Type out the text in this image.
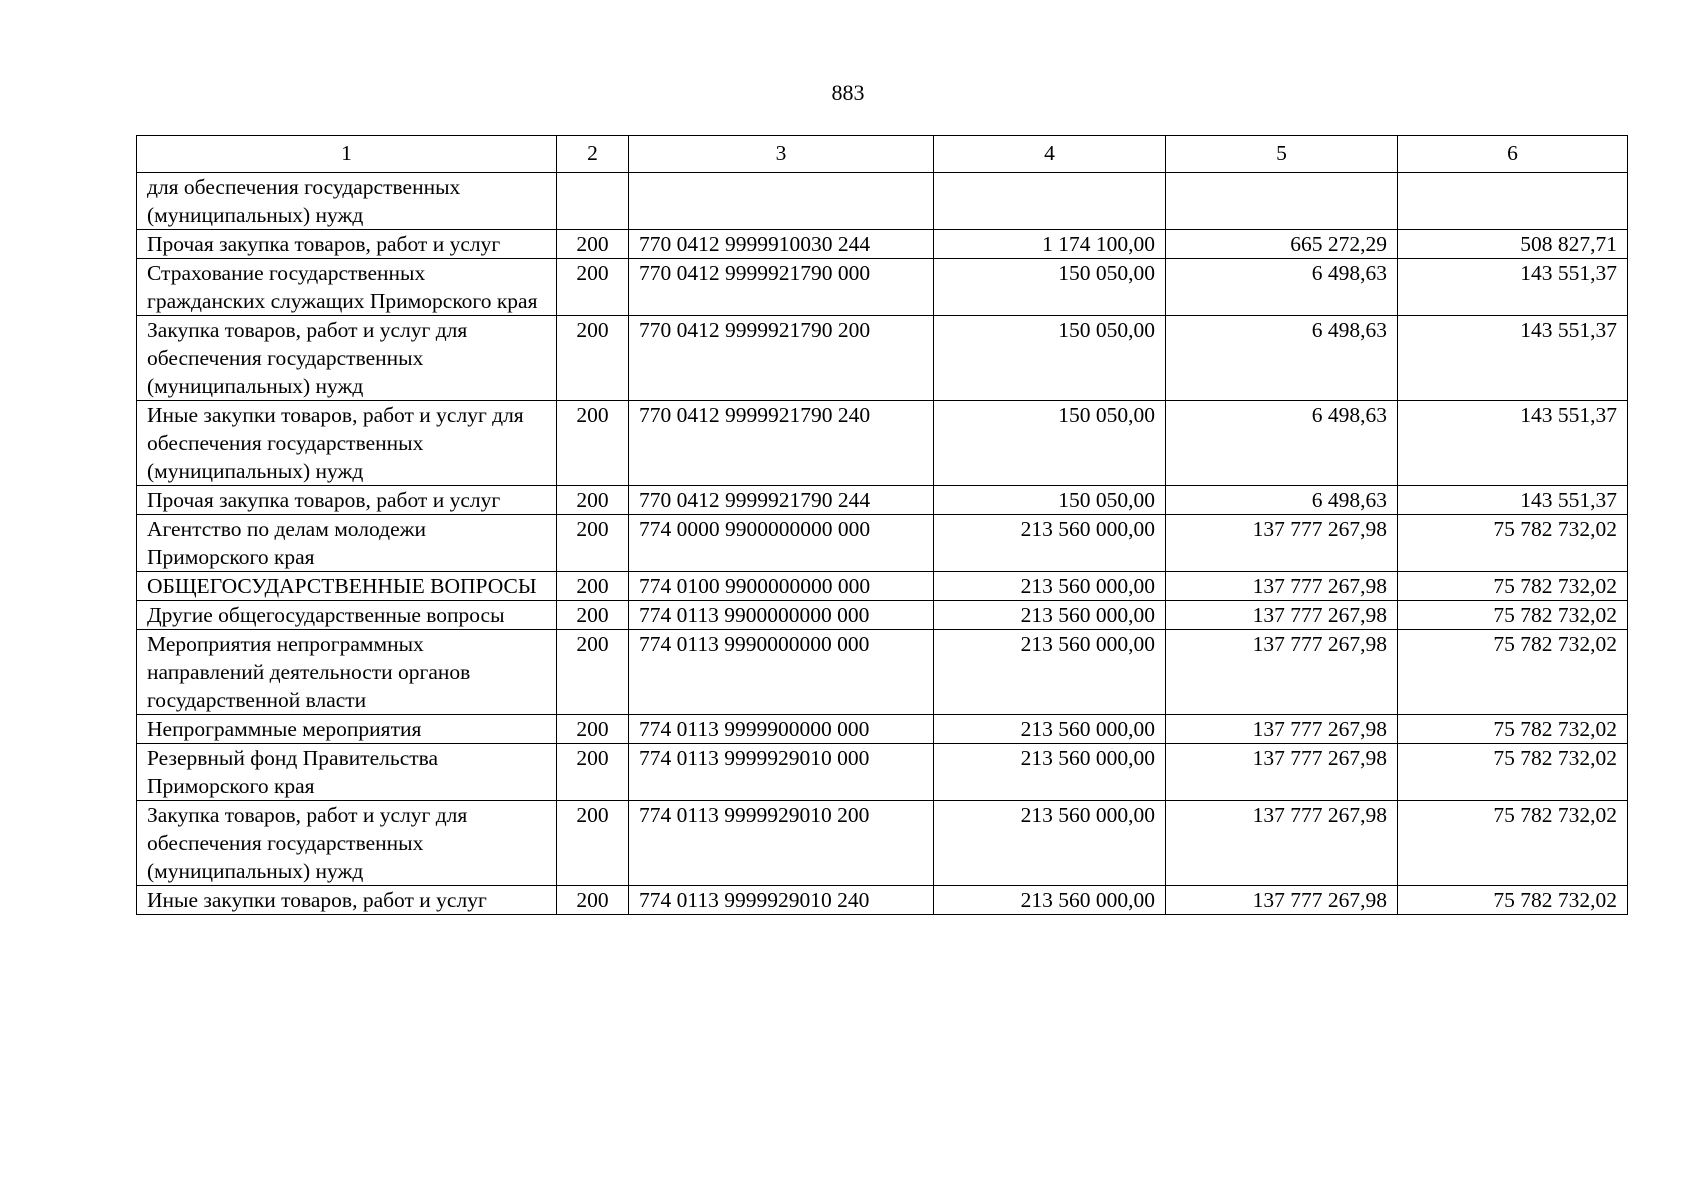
883
1	2	3	4	5	6
для обеспечения государственных (муниципальных) нужд					
Прочая закупка товаров, работ и услуг	200	770 0412 9999910030 244	1 174 100,00	665 272,29	508 827,71
Страхование государственных гражданских служащих Приморского края	200	770 0412 9999921790 000	150 050,00	6 498,63	143 551,37
Закупка товаров, работ и услуг для обеспечения государственных (муниципальных) нужд	200	770 0412 9999921790 200	150 050,00	6 498,63	143 551,37
Иные закупки товаров, работ и услуг для обеспечения государственных (муниципальных) нужд	200	770 0412 9999921790 240	150 050,00	6 498,63	143 551,37
Прочая закупка товаров, работ и услуг	200	770 0412 9999921790 244	150 050,00	6 498,63	143 551,37
Агентство по делам молодежи Приморского края	200	774 0000 9900000000 000	213 560 000,00	137 777 267,98	75 782 732,02
ОБЩЕГОСУДАРСТВЕННЫЕ ВОПРОСЫ	200	774 0100 9900000000 000	213 560 000,00	137 777 267,98	75 782 732,02
Другие общегосударственные вопросы	200	774 0113 9900000000 000	213 560 000,00	137 777 267,98	75 782 732,02
Мероприятия непрограммных направлений деятельности органов государственной власти	200	774 0113 9990000000 000	213 560 000,00	137 777 267,98	75 782 732,02
Непрограммные мероприятия	200	774 0113 9999900000 000	213 560 000,00	137 777 267,98	75 782 732,02
Резервный фонд Правительства Приморского края	200	774 0113 9999929010 000	213 560 000,00	137 777 267,98	75 782 732,02
Закупка товаров, работ и услуг для обеспечения государственных (муниципальных) нужд	200	774 0113 9999929010 200	213 560 000,00	137 777 267,98	75 782 732,02
Иные закупки товаров, работ и услуг	200	774 0113 9999929010 240	213 560 000,00	137 777 267,98	75 782 732,02
